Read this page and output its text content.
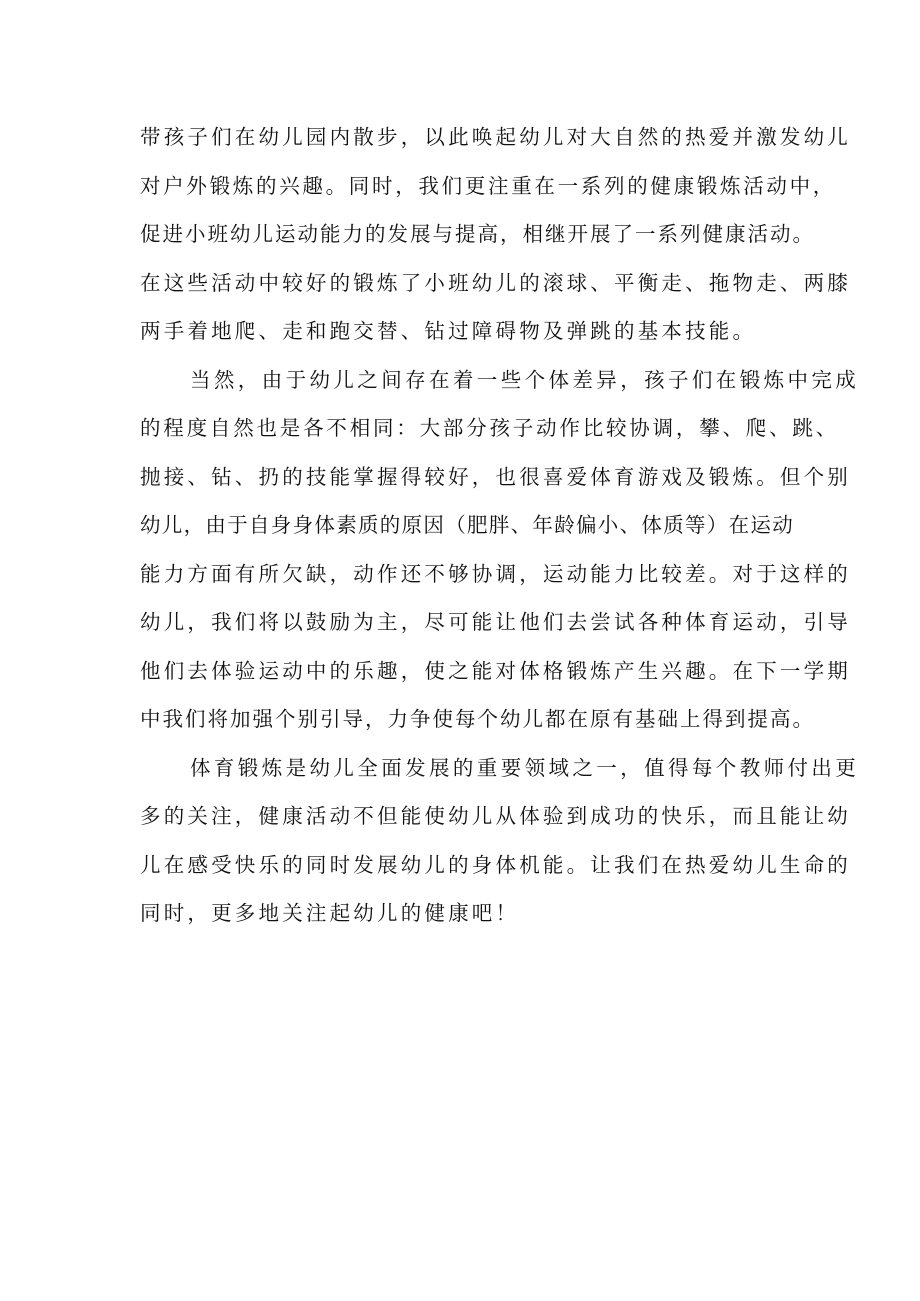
带孩子们在幼儿园内散步，以此唤起幼儿对大自然的热爱并激发幼儿
对户外锻炼的兴趣。同时，我们更注重在一系列的健康锻炼活动中，
促进小班幼儿运动能力的发展与提高，相继开展了一系列健康活动。
在这些活动中较好的锻炼了小班幼儿的滚球、平衡走、拖物走、两膝
两手着地爬、走和跑交替、钻过障碍物及弹跳的基本技能。
当然，由于幼儿之间存在着一些个体差异，孩子们在锻炼中完成
的程度自然也是各不相同：大部分孩子动作比较协调，攀、爬、跳、
抛接、钻、扔的技能掌握得较好，也很喜爱体育游戏及锻炼。但个别
幼儿，由于自身身体素质的原因（肥胖、年龄偏小、体质等）在运动
能力方面有所欠缺，动作还不够协调，运动能力比较差。对于这样的
幼儿，我们将以鼓励为主，尽可能让他们去尝试各种体育运动，引导
他们去体验运动中的乐趣，使之能对体格锻炼产生兴趣。在下一学期
中我们将加强个别引导，力争使每个幼儿都在原有基础上得到提高。
体育锻炼是幼儿全面发展的重要领域之一，值得每个教师付出更
多的关注，健康活动不但能使幼儿从体验到成功的快乐，而且能让幼
儿在感受快乐的同时发展幼儿的身体机能。让我们在热爱幼儿生命的
同时，更多地关注起幼儿的健康吧！
